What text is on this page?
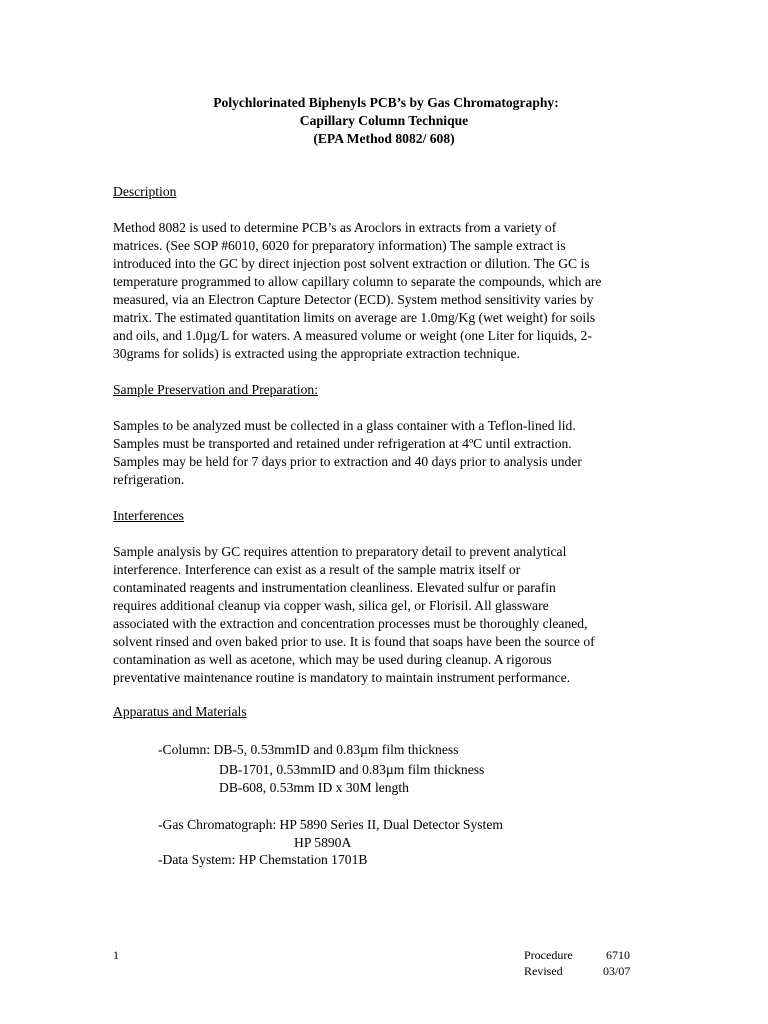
Polychlorinated Biphenyls PCB’s by Gas Chromatography:
Capillary Column Technique
(EPA Method 8082/ 608)
Description
Method 8082 is used to determine PCB’s as Aroclors in extracts from a variety of
matrices. (See SOP #6010, 6020 for preparatory information) The sample extract is
introduced into the GC by direct injection post solvent extraction or dilution. The GC is
temperature programmed to allow capillary column to separate the compounds, which are
measured, via an Electron Capture Detector (ECD). System method sensitivity varies by
matrix. The estimated quantitation limits on average are 1.0mg/Kg (wet weight) for soils
and oils, and 1.0µg/L for waters. A measured volume or weight (one Liter for liquids, 2-
30grams for solids) is extracted using the appropriate extraction technique.
Sample Preservation and Preparation:
Samples to be analyzed must be collected in a glass container with a Teflon-lined lid.
Samples must be transported and retained under refrigeration at 4ºC until extraction.
Samples may be held for 7 days prior to extraction and 40 days prior to analysis under
refrigeration.
Interferences
Sample analysis by GC requires attention to preparatory detail to prevent analytical
interference. Interference can exist as a result of the sample matrix itself or
contaminated reagents and instrumentation cleanliness. Elevated sulfur or parafin
requires additional cleanup via copper wash, silica gel, or Florisil. All glassware
associated with the extraction and concentration processes must be thoroughly cleaned,
solvent rinsed and oven baked prior to use. It is found that soaps have been the source of
contamination as well as acetone, which may be used during cleanup. A rigorous
preventative maintenance routine is mandatory to maintain instrument performance.
Apparatus and Materials
-Column: DB-5, 0.53mmID and 0.83µm film thickness
DB-1701, 0.53mmID and 0.83µm film thickness
DB-608, 0.53mm ID x 30M length
-Gas Chromatograph: HP 5890 Series II, Dual Detector System
HP 5890A
-Data System: HP Chemstation 1701B
1	Procedure	6710
Revised	03/07
